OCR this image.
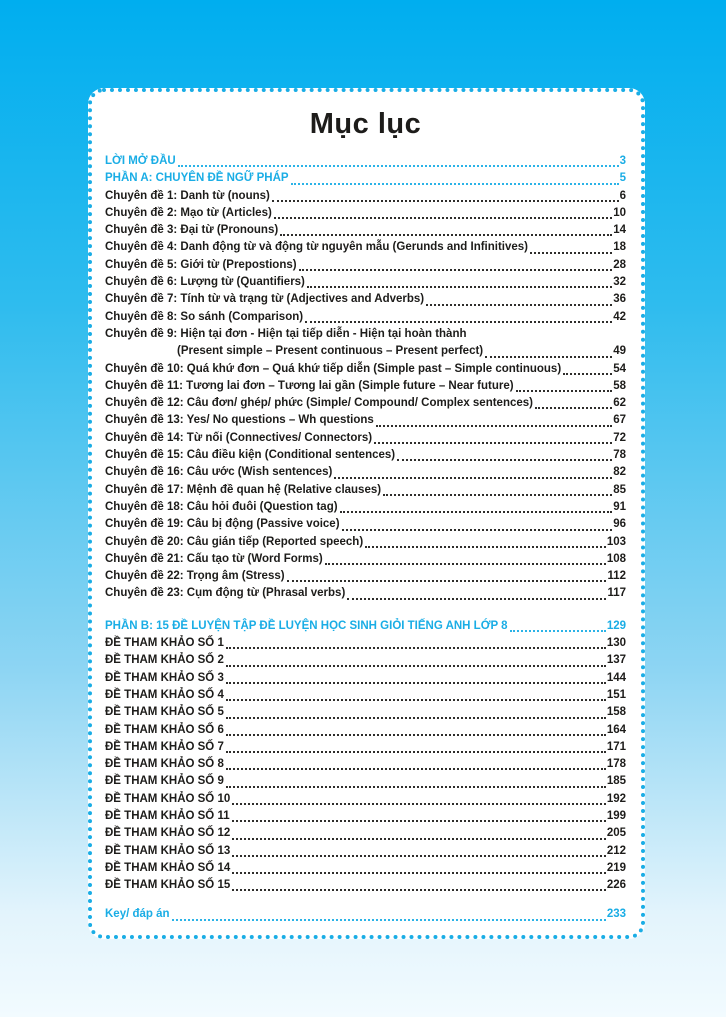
Mục lục
LỜI MỞ ĐẦU	3
PHẦN A: CHUYÊN ĐỀ NGỮ PHÁP	5
Chuyên đề 1: Danh từ (nouns)	6
Chuyên đề 2: Mạo từ (Articles)	10
Chuyên đề 3: Đại từ (Pronouns)	14
Chuyên đề 4: Danh động từ và động từ nguyên mẫu (Gerunds and Infinitives)	18
Chuyên đề 5: Giới từ (Prepostions)	28
Chuyên đề 6: Lượng từ (Quantifiers)	32
Chuyên đề 7: Tính từ và trạng từ (Adjectives and Adverbs)	36
Chuyên đề 8: So sánh (Comparison)	42
Chuyên đề 9: Hiện tại đơn - Hiện tại tiếp diễn - Hiện tại hoàn thành
(Present simple – Present continuous – Present perfect)	49
Chuyên đề 10: Quá khứ đơn – Quá khứ tiếp diễn (Simple past – Simple continuous)	54
Chuyên đề 11: Tương lai đơn – Tương lai gần (Simple future – Near future)	58
Chuyên đề 12: Câu đơn/ ghép/ phức (Simple/ Compound/ Complex sentences)	62
Chuyên đề 13: Yes/ No questions – Wh questions	67
Chuyên đề 14: Từ nối (Connectives/ Connectors)	72
Chuyên đề 15: Câu điều kiện (Conditional sentences)	78
Chuyên đề 16: Câu ước (Wish sentences)	82
Chuyên đề 17: Mệnh đề quan hệ (Relative clauses)	85
Chuyên đề 18: Câu hỏi đuôi (Question tag)	91
Chuyên đề 19: Câu bị động (Passive voice)	96
Chuyên đề 20: Câu gián tiếp (Reported speech)	103
Chuyên đề 21: Cấu tạo từ (Word Forms)	108
Chuyên đề 22: Trọng âm (Stress)	112
Chuyên đề 23: Cụm động từ (Phrasal verbs)	117
PHẦN B: 15 ĐỀ LUYỆN TẬP ĐỀ LUYỆN HỌC SINH GIỎI TIẾNG ANH LỚP 8	129
ĐỀ THAM KHẢO SỐ 1	130
ĐỀ THAM KHẢO SỐ 2	137
ĐỀ THAM KHẢO SỐ 3	144
ĐỀ THAM KHẢO SỐ 4	151
ĐỀ THAM KHẢO SỐ 5	158
ĐỀ THAM KHẢO SỐ 6	164
ĐỀ THAM KHẢO SỐ 7	171
ĐỀ THAM KHẢO SỐ 8	178
ĐỀ THAM KHẢO SỐ 9	185
ĐỀ THAM KHẢO SỐ 10	192
ĐỀ THAM KHẢO SỐ 11	199
ĐỀ THAM KHẢO SỐ 12	205
ĐỀ THAM KHẢO SỐ 13	212
ĐỀ THAM KHẢO SỐ 14	219
ĐỀ THAM KHẢO SỐ 15	226
Key/ đáp án	233
